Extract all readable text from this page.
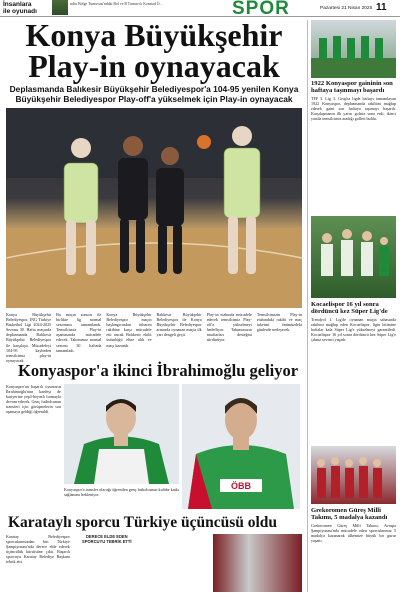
İnsanlara
ile oyunadı
ndiri Bölge Turnuvası'ndaki Bol ve B Turnuva'ı Konstad Ö...	SPOR	Pazartesi 21 Nisan 2025 11
Konya Büyükşehir
Play-in oynayacak
Deplasmanda Balıkesir Büyükşehir Belediyespor'a 104-95 yenilen Konya Büyükşehir Belediyespor Play-off'a yükselmek için Play-in oynayacak
Konya Büyükşehir Belediyespor, ING Türkiye Basketbol Ligi 2024-2025 Sezonu 30. Hafta maçında deplasmanda Balıkesir Büyükşehir Belediyespor ile karşılaştı. Mücadeleyi 104-95 kaybeden temsilcimiz play-in oynayacak.
Bu maçın sonucu ile birlikte lig normal sezonunu tamamlandı. Temsilcimiz Play-in aşamasında mücadele edecek. Takımımız normal sezonu 30 haftada tamamladı.
Konya Büyükşehir Belediyespor maçın başlangıcından itibaren rakibine karşı mücadele etti ancak Balıkesir ekibi üstünlüğü eline aldı ve maçı kazandı.
Balıkesir Büyükşehir Belediyespor ile Konya Büyükşehir Belediyespor arasında oynanan maçta ilk yarı dengeli geçti.
Play-in etabında mücadele edecek temsilcimiz Play-off'a yükselmeyi hedefliyor. Takımımızın taraftarları desteğini sürdürüyor.
Temsilcimizin Play-in etabındaki rakibi ve maç takvimi önümüzdeki günlerde netleşecek.
Konyaspor'a ikinci İbrahimoğlu geliyor
Konyaspor'un başarılı oyuncusu İbrahimoğlu'nun kardeşi de kariyerine yeşil-beyazlı formayla devam edecek. Genç futbolcunun transferi için görüşmelerin son aşamaya geldiği öğrenildi.
Konyaspor'a transfer olacağı öğrenilen genç futbolcunun kulübe katkı sağlaması bekleniyor.
ÖBB
Karataylı sporcu Türkiye üçüncüsü oldu
Karatay Belediyespor sporcularımızdan biri Türkiye Şampiyonası'nda derece elde ederek üçüncülük kürsüsüne çıktı. Başarılı sporcuyu Karatay Belediye Başkanı tebrik etti.
DERECE ELDE EDEN SPORCUYU TEBRİK ETTİ
1922 Konyaspor gaininin son haftaya taşınmayı başardı
TFF 3. Lig 3. Grup'ta ligde haftayı tamamlayan 1922 Konyaspor, deplasmanda rakibini mağlup ederek gaini son haftaya taşımayı başardı. Karşılaşmanın ilk yarısı golsüz sona erdi, ikinci yarıda temsilcimiz aradığı golleri buldu.
Kocaelispor 16 yıl sonra dördüncü kez Süper Lig'de
Trendyol 1. Lig'de oynanan maçta sahasında rakibini mağlup eden Kocaelispor, ligin bitimine haftalar kala Süper Lig'e yükselmeyi garantiledi. Kocaelispor 16 yıl sonra dördüncü kez Süper Lig'e çıkma sevinci yaşadı.
Grekoromen Güreş Milli Takımı, 5 madalya kazandı
Grekoromen Güreş Milli Takımı, Avrupa Şampiyonası'nda mücadele eden sporcularımız 5 madalya kazanarak ülkemize büyük bir gurur yaşattı.
